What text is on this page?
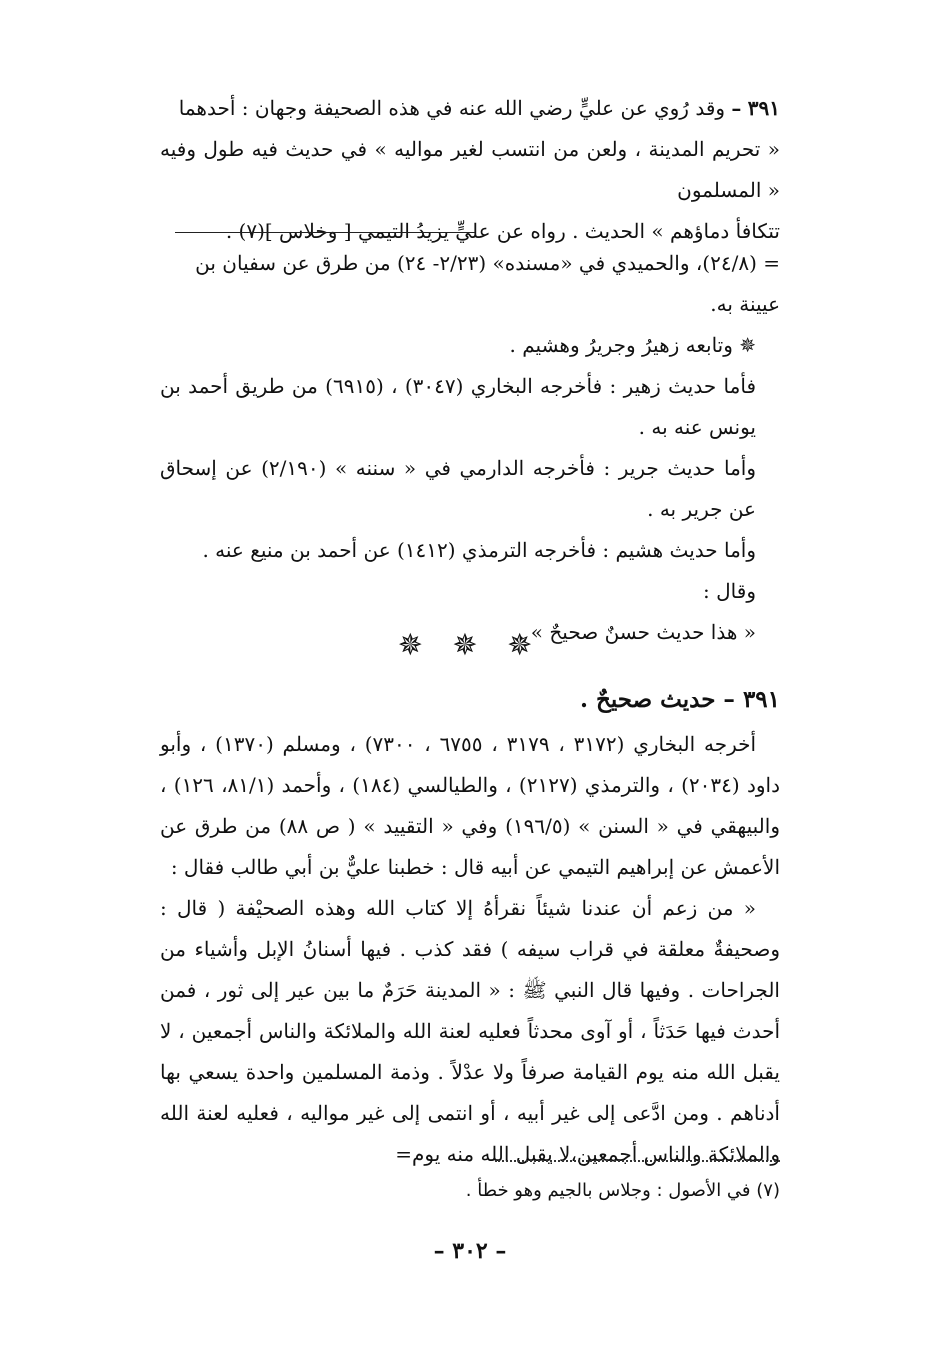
٣٩١ – وقد رُوي عن عليٍّ رضي الله عنه في هذه الصحيفة وجهان : أحدهما

« تحريم المدينة ، ولعن من انتسب لغير مواليه » في حديث فيه طول وفيه « المسلمون

تتكافأ دماؤهم » الحديث . رواه عن عليٍّ يزيدُ التيمي [ وخلاس ](٧) .

= (٢٤/٨)، والحميدي في «مسنده» (٢/٢٣- ٢٤) من طرق عن سفيان بن عيينة به.

✵ وتابعه زهيرُ وجريرُ وهشيم .

فأما حديث زهير : فأخرجه البخاري (٣٠٤٧) ، (٦٩١٥) من طريق أحمد بن يونس عنه به .

وأما حديث جرير : فأخرجه الدارمي في « سننه » (٢/١٩٠) عن إسحاق عن جرير به .

وأما حديث هشيم : فأخرجه الترمذي (١٤١٢) عن أحمد بن منيع عنه .

وقال :

« هذا حديث حسنٌ صحيحٌ » .

✵ ✵ ✵

٣٩١ – حديث صحيحٌ .

أخرجه البخاري (٣١٧٢ ، ٣١٧٩ ، ٦٧٥٥ ، ٧٣٠٠) ، ومسلم (١٣٧٠) ، وأبو داود (٢٠٣٤) ، والترمذي (٢١٢٧) ، والطيالسي (١٨٤) ، وأحمد (٨١/١، ١٢٦) ، والبيهقي في « السنن » (١٩٦/٥) وفي « التقييد » ( ص ٨٨) من طرق عن الأعمش عن إبراهيم التيمي عن أبيه قال : خطبنا عليٌّ بن أبي طالب فقال :

« من زعم أن عندنا شيئاً نقرأهُ إلا كتاب الله وهذه الصحيْفة ( قال : وصحيفةٌ معلقة في قراب سيفه ) فقد كذب . فيها أسنانُ الإبل وأشياء من الجراحات . وفيها قال النبي ﷺ : « المدينة حَرَمٌ ما بين عير إلى ثور ، فمن أحدث فيها حَدَثاً ، أو آوى محدثاً فعليه لعنة الله والملائكة والناس أجمعين ، لا يقبل الله منه يوم القيامة صرفاً ولا عدْلاً . وذمة المسلمين واحدة يسعي بها أدناهم . ومن ادَّعى إلى غير أبيه ، أو انتمى إلى غير مواليه ، فعليه لعنة الله والملائكة والناس أجمعين،لا يقبل الله منه يوم=

(٧) في الأصول : وجلاس بالجيم وهو خطأ .

– ٣٠٢ –
